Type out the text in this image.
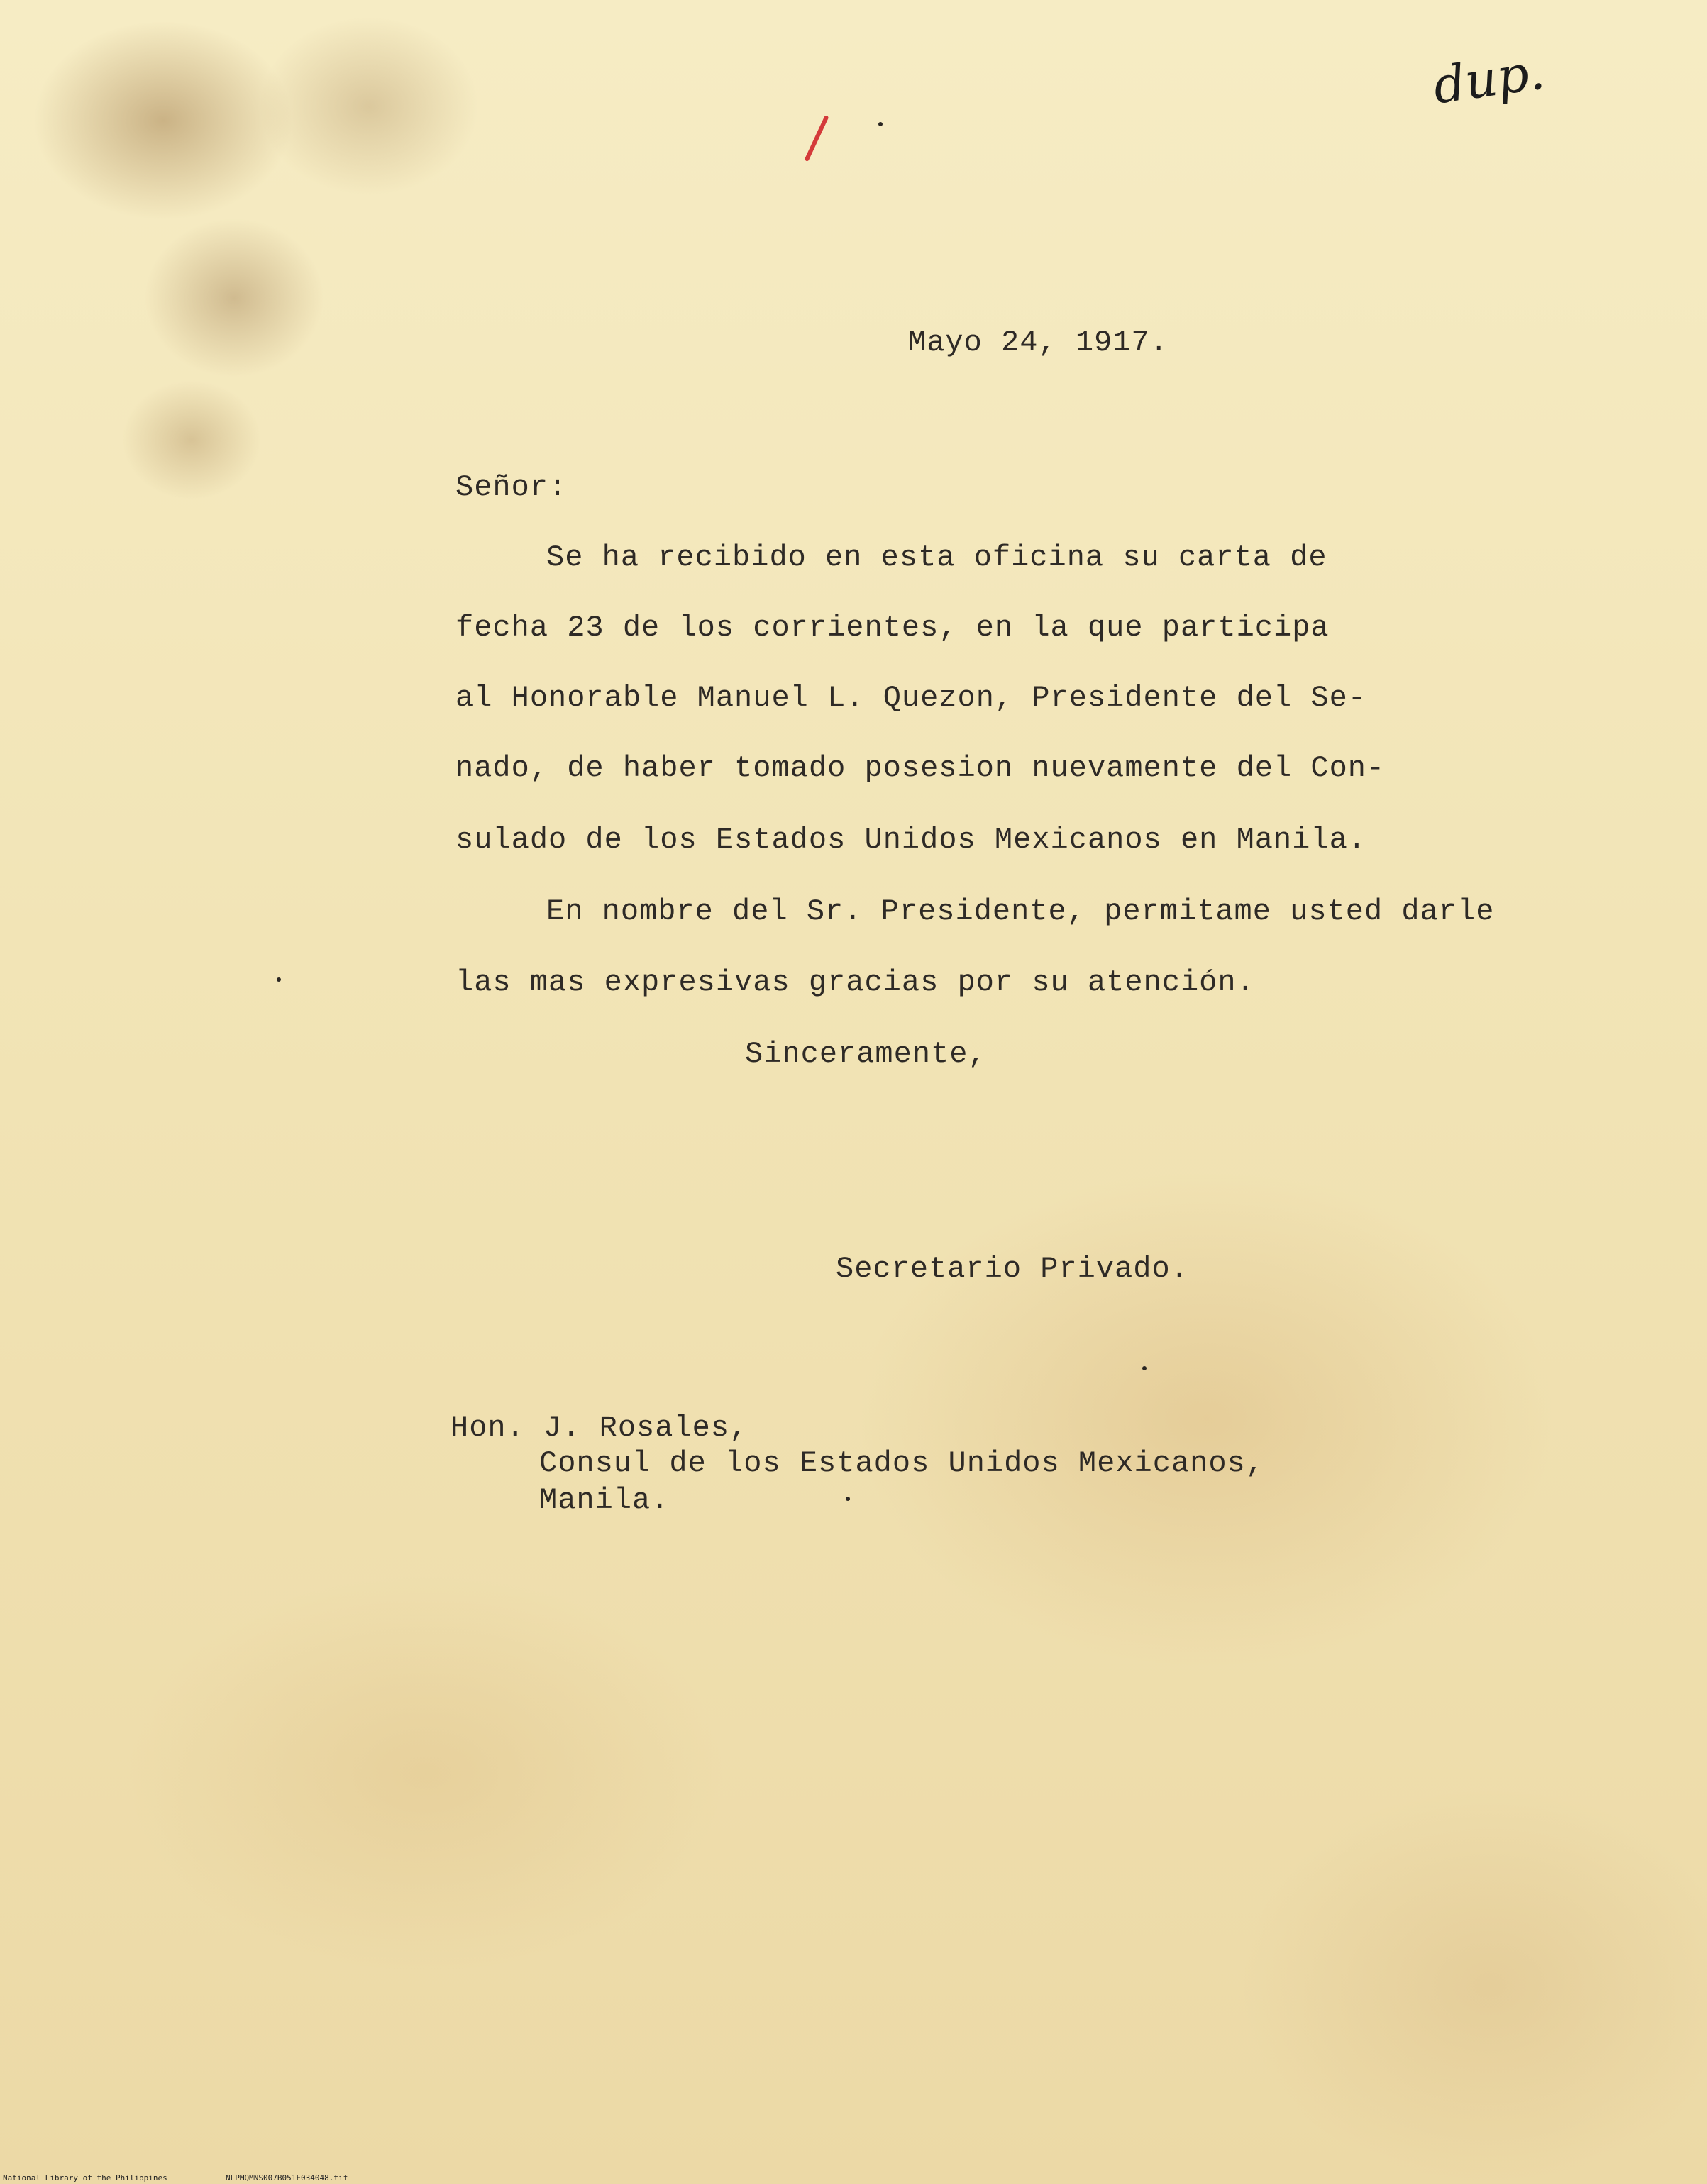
dup.
Mayo 24, 1917.
Señor:
Se ha recibido en esta oficina su carta de
fecha 23 de los corrientes, en la que participa
al Honorable Manuel L. Quezon, Presidente del Se-
nado, de haber tomado posesion nuevamente del Con-
sulado de los Estados Unidos Mexicanos en Manila.
En nombre del Sr. Presidente, permitame usted darle
las mas expresivas gracias por su atención.
Sinceramente,
Secretario Privado.
Hon. J. Rosales,
Consul de los Estados Unidos Mexicanos,
Manila.
National Library of the Philippines	NLPMQMNS007B051F034048.tif
